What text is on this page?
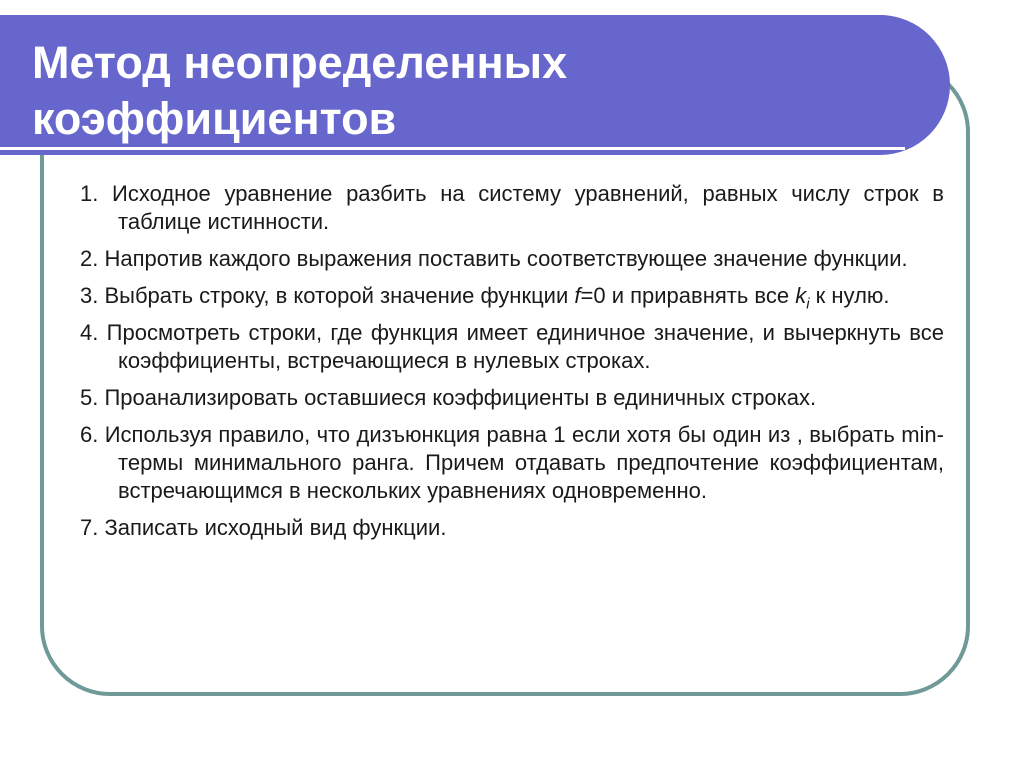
Метод неопределенных
коэффициентов
1. Исходное уравнение разбить на систему уравнений, равных числу строк в таблице истинности.
2. Напротив каждого выражения поставить соответствующее значение функции.
3. Выбрать строку, в которой значение функции f=0 и приравнять все $k_i$ к нулю.
4. Просмотреть строки, где функция имеет единичное значение, и вычеркнуть все коэффициенты, встречающиеся в нулевых строках.
5. Проанализировать оставшиеся коэффициенты в единичных строках.
6. Используя правило, что дизъюнкция равна 1 если хотя бы один из , выбрать min-термы минимального ранга. Причем отдавать предпочтение коэффициентам, встречающимся в нескольких уравнениях одновременно.
7. Записать исходный вид функции.
